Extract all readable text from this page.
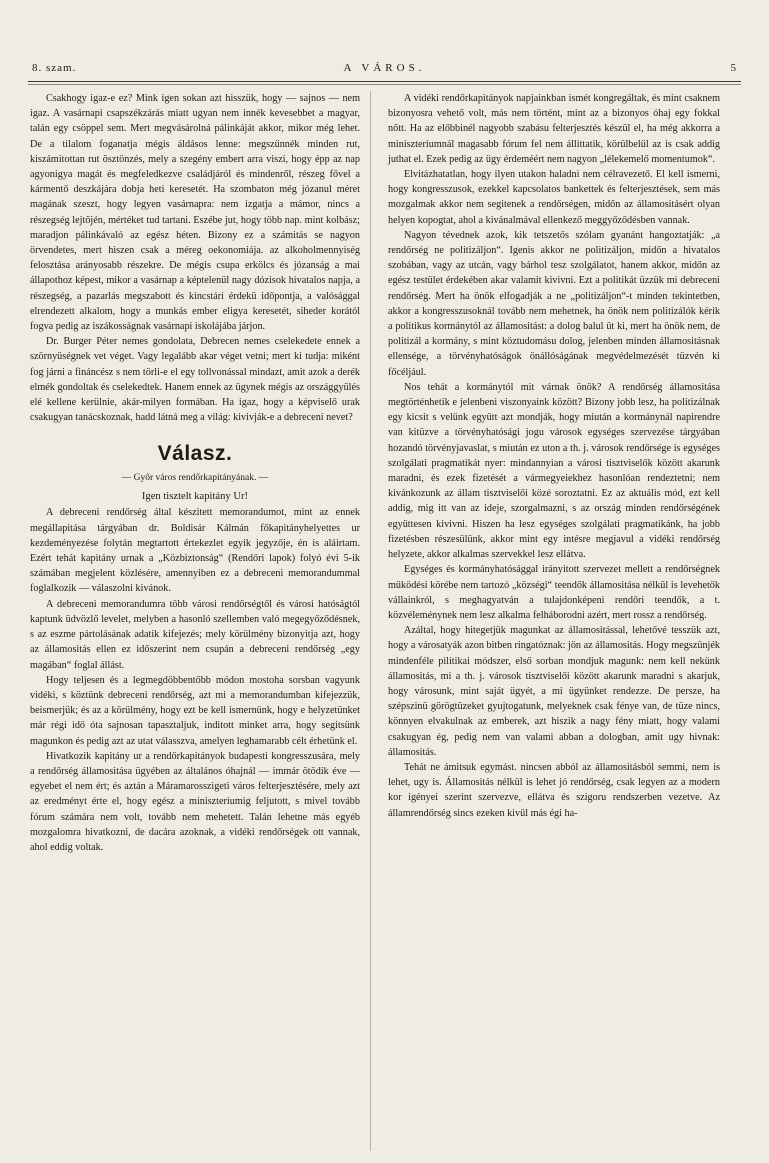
8. szam.	A VÁROS.	5

Csakhogy igaz-e ez? Mink igen sokan azt hisszük, hogy — sajnos — nem igaz. A vasárnapi csapszékzárás miatt ugyan nem innék kevesebbet a magyar, talán egy csöppel sem. Mert megvásárolná pálinkáját akkor, mikor még lehet. De a tilalom foganatja mégis áldásos lenne: megszűnnék minden rut, kiszámitottan rut ösztönzés, mely a szegény embert arra viszi, hogy épp az nap agyonigya magát és megfeledkezve családjáról és mindenről, részeg fővel a kármentő deszkájára dobja heti keresetét. Ha szombaton még józanul méret magának szeszt, hogy legyen vasárnapra: nem izgatja a mámor, nincs a részegség lejtőjén, mértéket tud tartani. Eszébe jut, hogy több nap. mint kolbász; maradjon pálinkávaló az egész héten. Bizony ez a számitás se nagyon örvendetes, mert hiszen csak a méreg oekonomiája. az alkoholmennyiség felosztása arányosabb részekre. De mégis csupa erkölcs és józanság a mai állapothoz képest, mikor a vasárnap a képtelenül nagy dózisok hivatalos napja, a részegség, a pazarlás megszabott és kincstári érdekü időpontja, a valósággal elrendezett alkalom, hogy a munkás ember eligya keresetét, siheder korától fogva pedig az iszákosságnak vasárnapi iskolájába járjon.

Dr. Burger Péter nemes gondolata, Debrecen nemes cselekedete ennek a szörnyüségnek vet véget. Vagy legalább akar véget vetni; mert ki tudja: miként fog járni a fináncész s nem törli-e el egy tollvonással mindazt, amit azok a derék elmék gondoltak és cselekedtek. Hanem ennek az ügynek mégis az országgyülés elé kellene kerülnie, akár-milyen formában. Ha igaz, hogy a képviselő urak csakugyan tanácskoznak, hadd látná meg a világ: kivivják-e a debreceni nevet?

Válasz.
— Győr város rendőrkapitányának. —

Igen tisztelt kapitány Ur!

A debreceni rendőrség által készitett memorandumot, mint az ennek megállapitása tárgyában dr. Boldisár Kálmán főkapitányhelyettes ur kezdeményezése folytán megtartott értekezlet egyik jegyzője, én is aláirtam. Ezért tehát kapitány urnak a „Közbiztonság“ (Rendőri lapok) folyó évi 5-ik számában megjelent közlésére, amennyiben ez a debreceni memorandummal foglalkozik — válaszolni kivánok.

A debreceni memorandumra több városi rendőrségtől és városi hatóságtól kaptunk üdvözlő levelet, melyben a hasonló szellemben való megegyőződésnek, s az eszme pártolásának adatik kifejezés; mely körülmény bizonyitja azt, hogy az államositás ellen ez időszerint nem csupán a debreceni rendőrség „egy magában“ foglal állást.

Hogy teljesen és a legmegdöbbentőbb módon mostoha sorsban vagyunk vidéki, s köztünk debreceni rendőrség, azt mi a memorandumban kifejezzük, beismerjük; és az a körülmény, hogy ezt be kell ismernünk, hogy e helyzetünket már régi idő óta sajnosan tapasztaljuk, inditott minket arra, hogy segitsünk magunkon és pedig azt az utat válasszva, amelyen leghamarabb célt érhetünk el.

Hivatkozik kapitány ur a rendőrkapitányok budapesti kongresszusára, mely a rendőrség államositása ügyében az általános óhajnál — immár ötödik éve — egyebet el nem ért; és aztán a Máramarosszigeti város felterjesztésére, mely azt az eredményt érte el, hogy egész a miniszteriumig feljutott, s mivel tovább fórum számára nem volt, tovább nem mehetett. Talán lehetne más egyéb mozgalomra hivatkozni, de dacára azoknak, a vidéki rendőrségek ott vannak, ahol eddig voltak.

A vidéki rendőrkapitányok napjainkban ismét kongregáltak, és mint csaknem bizonyosra vehető volt, más nem történt, mint az a bizonyos óhaj egy fokkal nőtt. Ha az előbbinél nagyobb szabásu felterjesztés készül el, ha még akkorra a miniszteriumnál magasabb fórum fel nem állittatik, körülbelül az is csak addig juthat el. Ezek pedig az ügy érdeméért nem nagyon „lélekemelő momentumok“.

Elvitázhatatlan, hogy ilyen utakon haladni nem célravezető. El kell ismerni, hogy kongresszusok, ezekkel kapcsolatos bankettek és felterjesztések, sem más mozgalmak akkor nem segitenek a rendőrségen, midőn az államositásért olyan helyen kopogtat, ahol a kivánalmával ellenkező meggyőződésben vannak.

Nagyon tévednek azok, kik tetszetős szólam gyanánt hangoztatják: „a rendőrség ne politizáljon“. Igenis akkor ne politizáljon, midőn a hivatalos szobában, vagy az utcán, vagy bárhol tesz szolgálatot, hanem akkor, midőn az egész testület érdekében akar valamit kivivni. Ezt a politikát üzzük mi debreceni rendőrség. Mert ha önök elfogadják a ne „politizáljon“-t minden tekintetben, akkor a kongresszusoknál tovább nem mehetnek, ha önök nem politizálók kérik a politikus kormánytól az államositást: a dolog balul üt ki, mert ha önök nem, de politizál a kormány, s mint köztudomásu dolog, jelenben minden államositásnak ellensége, a törvényhatóságok önállóságának megvédelmezését tüzvén ki főcéljául.

Nos tehát a kormánytól mit várnak önök? A rendőrség államositása megtörténhetik e jelenbeni viszonyaink között? Bizony jobb lesz, ha politizálnak egy kicsit s velünk együtt azt mondják, hogy miután a kormánynál napirendre van kitüzve a törvényhatósági jogu városok egységes szervezése tárgyában hozandó törvényjavaslat, s miután ez uton a th. j. városok rendőrsége is egységes szolgálati pragmatikát nyer: mindannyian a városi tisztviselők között akarunk maradni, és ezek fizetését a vármegyeiekhez hasonlóan rendeztetni; nem kivánkozunk az állam tisztviselői közé soroztatni. Ez az aktuális mód, ezt kell addig, mig itt van az ideje, szorgalmazni, s az ország minden rendőrségének együttesen kivivni. Hiszen ha lesz egységes szolgálati pragmatikánk, ha jobb fizetésben részesülünk, akkor mint egy intésre megjavul a vidéki rendőrség helyzete, akkor alkalmas szervekkel lesz ellátva.

Egységes és kormányhatósággal irányitott szervezet mellett a rendőrségnek működési körébe nem tartozó „községi“ teendők államositása nélkül is levehetők vállainkról, s meghagyatván a tulajdonképeni rendőri teendők, a t. közvéleménynek nem lesz alkalma felháborodni azért, mert rossz a rendőrség.

Azáltal, hogy hitegetjük magunkat az államositással, lehetővé tesszük azt, hogy a városatyák azon bitben ringatóznak: jön az államositás. Hogy megszünjék mindenféle pilitikai módszer, első sorban mondjuk magunk: nem kell nekünk államositás, mi a th. j. városok tisztviselői között akarunk maradni s akarjuk, hogy városunk, mint saját ügyét, a mi ügyünket rendezze. De persze, ha szépszinü görögtüzeket gyujtogatunk, melyeknek csak fénye van, de tüze nincs, könnyen elvakulnak az emberek, azt hiszik a nagy fény miatt, hogy valami csakugyan ég, pedig nem van valami abban a dologban, amit ugy hivnak: államositás.

Tehát ne ámitsuk egymást. nincsen abból az államositásból semmi, nem is lehet, ugy is. Államositás nélkül is lehet jó rendőrség, csak legyen az a modern kor igényei szerint szervezve, ellátva és szigoru rendszerben vezetve. Az államrendőrség sincs ezeken kivül más égi ha-
